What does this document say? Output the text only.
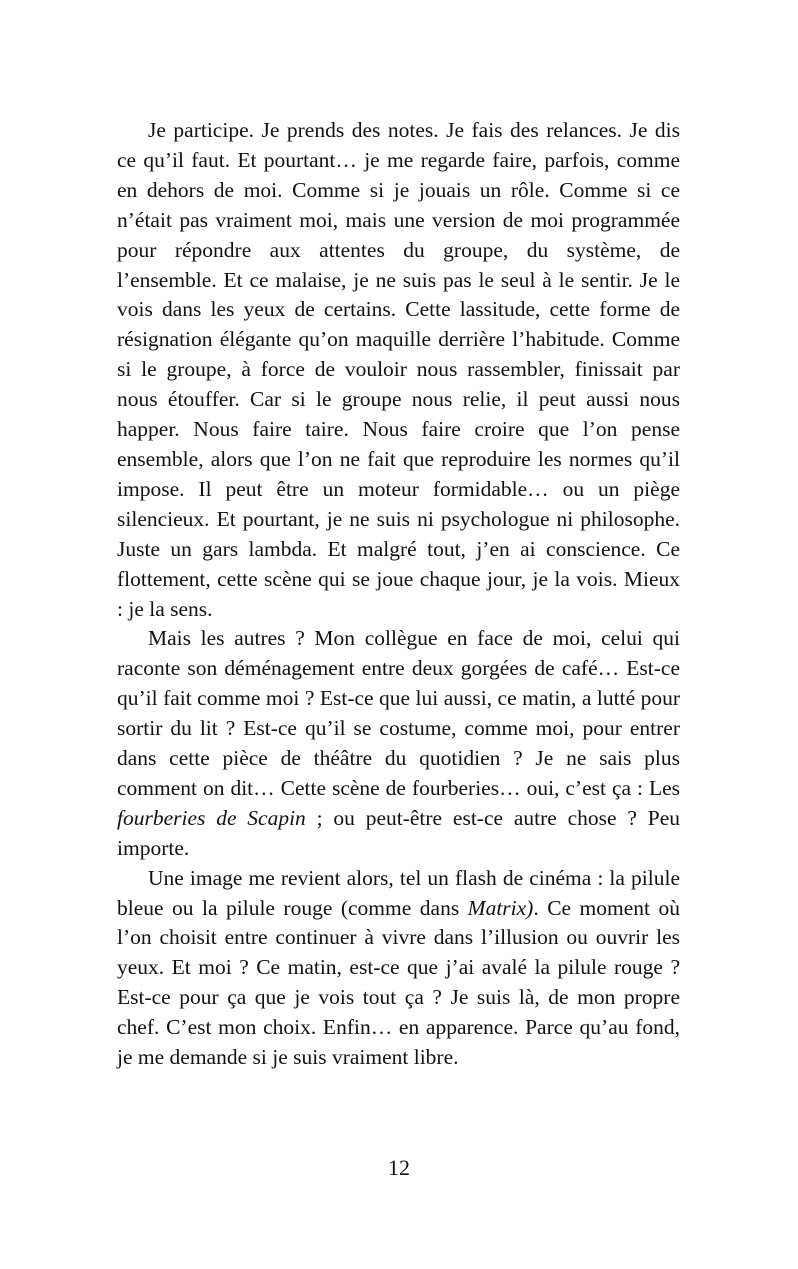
Je participe. Je prends des notes. Je fais des relances. Je dis ce qu’il faut. Et pourtant… je me regarde faire, parfois, comme en dehors de moi. Comme si je jouais un rôle. Comme si ce n’était pas vraiment moi, mais une version de moi programmée pour répondre aux attentes du groupe, du système, de l’ensemble. Et ce malaise, je ne suis pas le seul à le sentir. Je le vois dans les yeux de certains. Cette lassitude, cette forme de résignation élégante qu’on maquille derrière l’habitude. Comme si le groupe, à force de vouloir nous rassembler, finissait par nous étouffer. Car si le groupe nous relie, il peut aussi nous happer. Nous faire taire. Nous faire croire que l’on pense ensemble, alors que l’on ne fait que reproduire les normes qu’il impose. Il peut être un moteur formidable… ou un piège silencieux. Et pourtant, je ne suis ni psychologue ni philosophe. Juste un gars lambda. Et malgré tout, j’en ai conscience. Ce flottement, cette scène qui se joue chaque jour, je la vois. Mieux : je la sens.

Mais les autres ? Mon collègue en face de moi, celui qui raconte son déménagement entre deux gorgées de café… Est-ce qu’il fait comme moi ? Est-ce que lui aussi, ce matin, a lutté pour sortir du lit ? Est-ce qu’il se costume, comme moi, pour entrer dans cette pièce de théâtre du quotidien ? Je ne sais plus comment on dit… Cette scène de fourberies… oui, c’est ça : Les fourberies de Scapin ; ou peut-être est-ce autre chose ? Peu importe.

Une image me revient alors, tel un flash de cinéma : la pilule bleue ou la pilule rouge (comme dans Matrix). Ce moment où l’on choisit entre continuer à vivre dans l’illusion ou ouvrir les yeux. Et moi ? Ce matin, est-ce que j’ai avalé la pilule rouge ? Est-ce pour ça que je vois tout ça ? Je suis là, de mon propre chef. C’est mon choix. Enfin… en apparence. Parce qu’au fond, je me demande si je suis vraiment libre.

12
